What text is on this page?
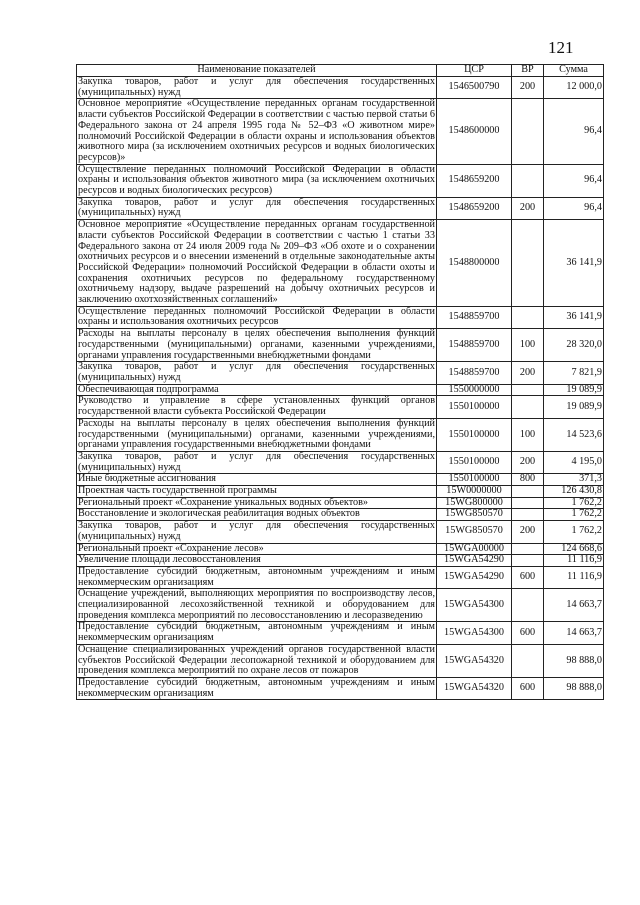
121
Наименование показателей	ЦСР	ВР	Сумма
Закупка товаров, работ и услуг для обеспечения государственных (муниципальных) нужд	1546500790	200	12 000,0
Основное мероприятие «Осуществление переданных органам государственной власти субъектов Российской Федерации в соответствии с частью первой статьи 6 Федерального закона от 24 апреля 1995 года № 52–ФЗ «О животном мире» полномочий Российской Федерации в области охраны и использования объектов животного мира (за исключением охотничьих ресурсов и водных биологических ресурсов)»	1548600000		96,4
Осуществление переданных полномочий Российской Федерации в области охраны и использования объектов животного мира (за исключением охотничьих ресурсов и водных биологических ресурсов)	1548659200		96,4
Закупка товаров, работ и услуг для обеспечения государственных (муниципальных) нужд	1548659200	200	96,4
Основное мероприятие «Осуществление переданных органам государственной власти субъектов Российской Федерации в соответствии с частью 1 статьи 33 Федерального закона от 24 июля 2009 года № 209–ФЗ «Об охоте и о сохранении охотничьих ресурсов и о внесении изменений в отдельные законодательные акты Российской Федерации» полномочий Российской Федерации в области охоты и сохранения охотничьих ресурсов по федеральному государственному охотничьему надзору, выдаче разрешений на добычу охотничьих ресурсов и заключению охотхозяйственных соглашений»	1548800000		36 141,9
Осуществление переданных полномочий Российской Федерации в области охраны и использования охотничьих ресурсов	1548859700		36 141,9
Расходы на выплаты персоналу в целях обеспечения выполнения функций государственными (муниципальными) органами, казенными учреждениями, органами управления государственными внебюджетными фондами	1548859700	100	28 320,0
Закупка товаров, работ и услуг для обеспечения государственных (муниципальных) нужд	1548859700	200	7 821,9
Обеспечивающая подпрограмма	1550000000		19 089,9
Руководство и управление в сфере установленных функций органов государственной власти субъекта Российской Федерации	1550100000		19 089,9
Расходы на выплаты персоналу в целях обеспечения выполнения функций государственными (муниципальными) органами, казенными учреждениями, органами управления государственными внебюджетными фондами	1550100000	100	14 523,6
Закупка товаров, работ и услуг для обеспечения государственных (муниципальных) нужд	1550100000	200	4 195,0
Иные бюджетные ассигнования	1550100000	800	371,3
Проектная часть государственной программы	15W0000000		126 430,8
Региональный проект «Сохранение уникальных водных объектов»	15WG800000		1 762,2
Восстановление и экологическая реабилитация водных объектов	15WG850570		1 762,2
Закупка товаров, работ и услуг для обеспечения государственных (муниципальных) нужд	15WG850570	200	1 762,2
Региональный проект «Сохранение лесов»	15WGA00000		124 668,6
Увеличение площади лесовосстановления	15WGA54290		11 116,9
Предоставление субсидий бюджетным, автономным учреждениям и иным некоммерческим организациям	15WGA54290	600	11 116,9
Оснащение учреждений, выполняющих мероприятия по воспроизводству лесов, специализированной лесохозяйственной техникой и оборудованием для проведения комплекса мероприятий по лесовосстановлению и лесоразведению	15WGA54300		14 663,7
Предоставление субсидий бюджетным, автономным учреждениям и иным некоммерческим организациям	15WGA54300	600	14 663,7
Оснащение специализированных учреждений органов государственной власти субъектов Российской Федерации лесопожарной техникой и оборудованием для проведения комплекса мероприятий по охране лесов от пожаров	15WGA54320		98 888,0
Предоставление субсидий бюджетным, автономным учреждениям и иным некоммерческим организациям	15WGA54320	600	98 888,0
